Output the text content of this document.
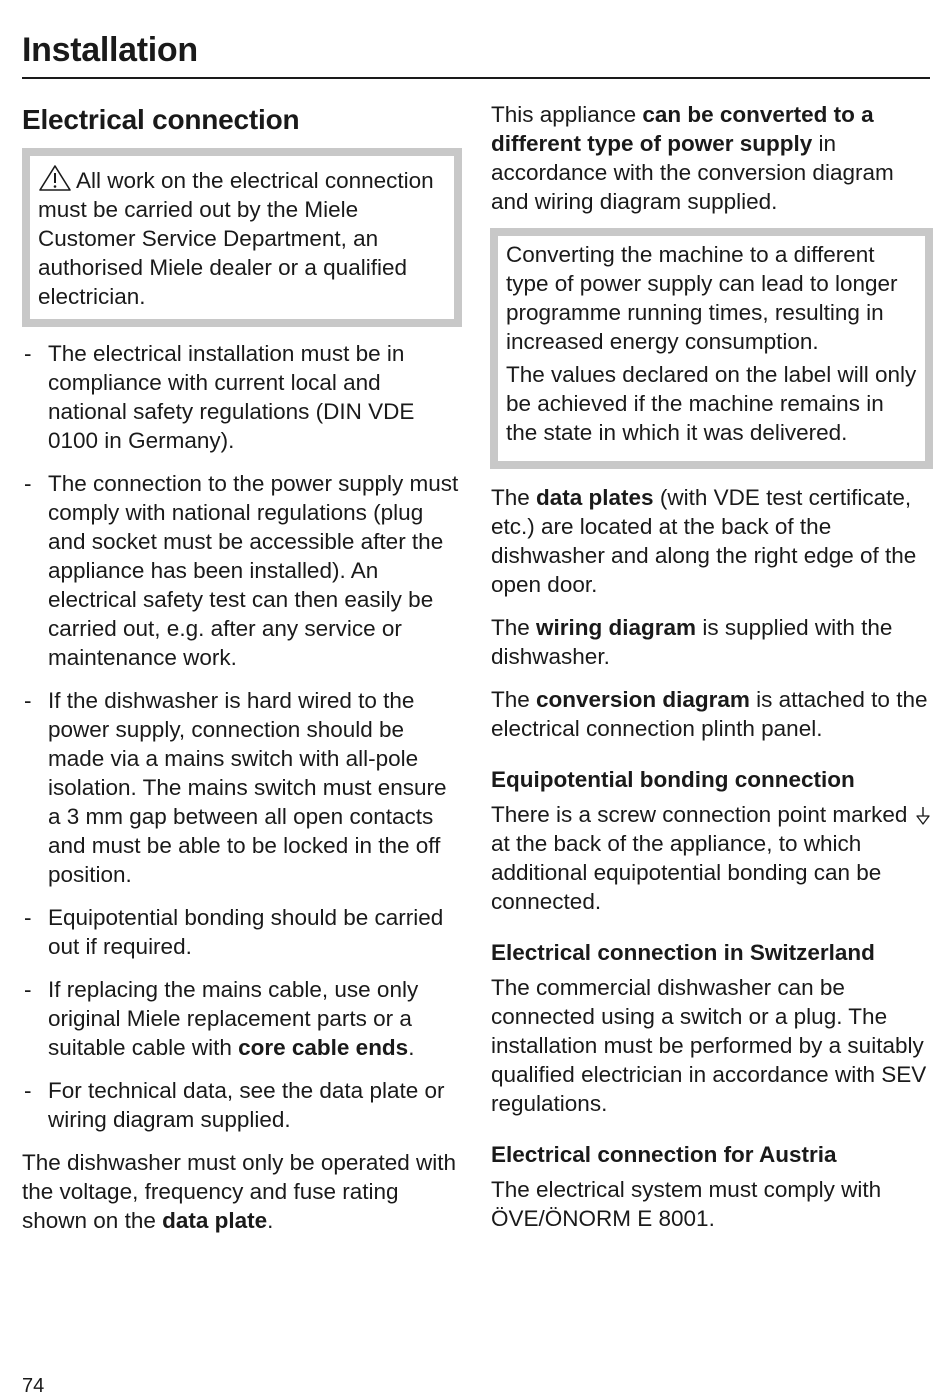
Installation
Electrical connection
All work on the electrical connection must be carried out by the Miele Customer Service Department, an authorised Miele dealer or a qualified electrician.
- The electrical installation must be in compliance with current local and national safety regulations (DIN VDE 0100 in Germany).
- The connection to the power supply must comply with national regulations (plug and socket must be accessible after the appliance has been installed). An electrical safety test can then easily be carried out, e.g. after any service or maintenance work.
- If the dishwasher is hard wired to the power supply, connection should be made via a mains switch with all-pole isolation. The mains switch must ensure a 3 mm gap between all open contacts and must be able to be locked in the off position.
- Equipotential bonding should be carried out if required.
- If replacing the mains cable, use only original Miele replacement parts or a suitable cable with core cable ends.
- For technical data, see the data plate or wiring diagram supplied.

The dishwasher must only be operated with the voltage, frequency and fuse rating shown on the data plate.

This appliance can be converted to a different type of power supply in accordance with the conversion diagram and wiring diagram supplied.

Converting the machine to a different type of power supply can lead to longer programme running times, resulting in increased energy consumption.

The values declared on the label will only be achieved if the machine remains in the state in which it was delivered.

The data plates (with VDE test certificate, etc.) are located at the back of the dishwasher and along the right edge of the open door.

The wiring diagram is supplied with the dishwasher.

The conversion diagram is attached to the electrical connection plinth panel.

Equipotential bonding connection

There is a screw connection point marked  at the back of the appliance, to which additional equipotential bonding can be connected.

Electrical connection in Switzerland

The commercial dishwasher can be connected using a switch or a plug. The installation must be performed by a suitably qualified electrician in accordance with SEV regulations.

Electrical connection for Austria

The electrical system must comply with ÖVE/ÖNORM E 8001.

74
